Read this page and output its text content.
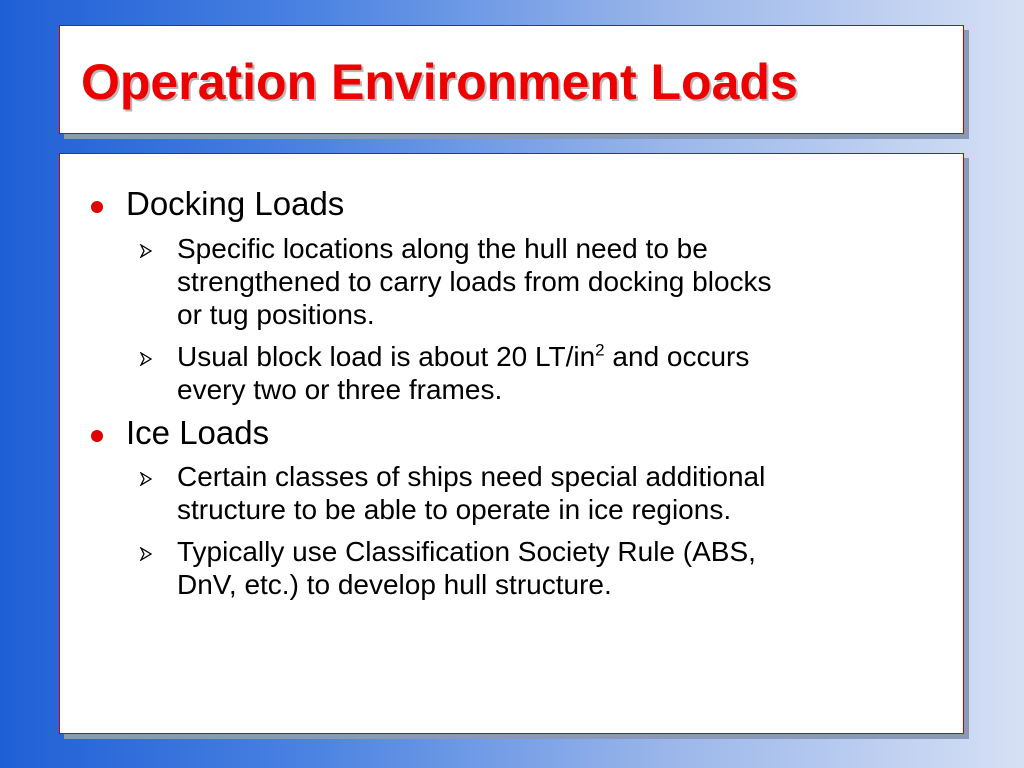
Operation Environment Loads
Docking Loads
Specific locations along the hull need to be
strengthened to carry loads from docking blocks
or tug positions.
Usual block load is about 20 $LT/in^2$ and occurs
every two or three frames.
Ice Loads
Certain classes of ships need special additional
structure to be able to operate in ice regions.
Typically use Classification Society Rule (ABS,
DnV, etc.) to develop hull structure.
